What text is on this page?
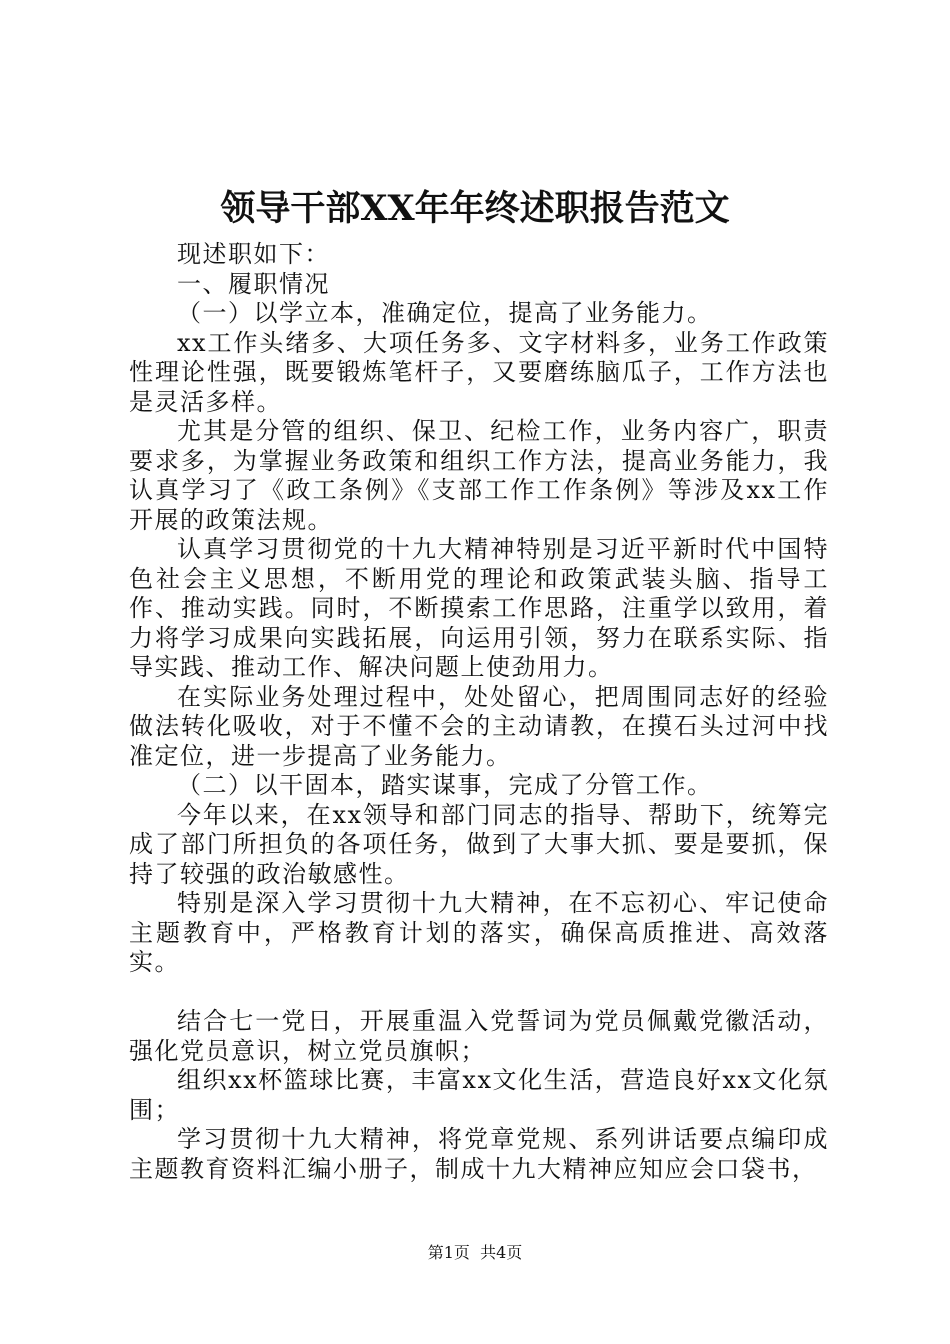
领导干部XX年年终述职报告范文

现述职如下：

一、履职情况

（一）以学立本，准确定位，提高了业务能力。

xx工作头绪多、大项任务多、文字材料多，业务工作政策性理论性强，既要锻炼笔杆子，又要磨练脑瓜子，工作方法也是灵活多样。

尤其是分管的组织、保卫、纪检工作，业务内容广，职责要求多，为掌握业务政策和组织工作方法，提高业务能力，我认真学习了《政工条例》《支部工作工作条例》等涉及xx工作开展的政策法规。

认真学习贯彻党的十九大精神特别是习近平新时代中国特色社会主义思想，不断用党的理论和政策武装头脑、指导工作、推动实践。同时，不断摸索工作思路，注重学以致用，着力将学习成果向实践拓展，向运用引领，努力在联系实际、指导实践、推动工作、解决问题上使劲用力。

在实际业务处理过程中，处处留心，把周围同志好的经验做法转化吸收，对于不懂不会的主动请教，在摸石头过河中找准定位，进一步提高了业务能力。

（二）以干固本，踏实谋事，完成了分管工作。

今年以来，在xx领导和部门同志的指导、帮助下，统筹完成了部门所担负的各项任务，做到了大事大抓、要是要抓，保持了较强的政治敏感性。

特别是深入学习贯彻十九大精神，在不忘初心、牢记使命主题教育中，严格教育计划的落实，确保高质推进、高效落实。

结合七一党日，开展重温入党誓词为党员佩戴党徽活动，强化党员意识，树立党员旗帜；

组织xx杯篮球比赛，丰富xx文化生活，营造良好xx文化氛围；

学习贯彻十九大精神，将党章党规、系列讲话要点编印成主题教育资料汇编小册子，制成十九大精神应知应会口袋书，

第1页  共4页
